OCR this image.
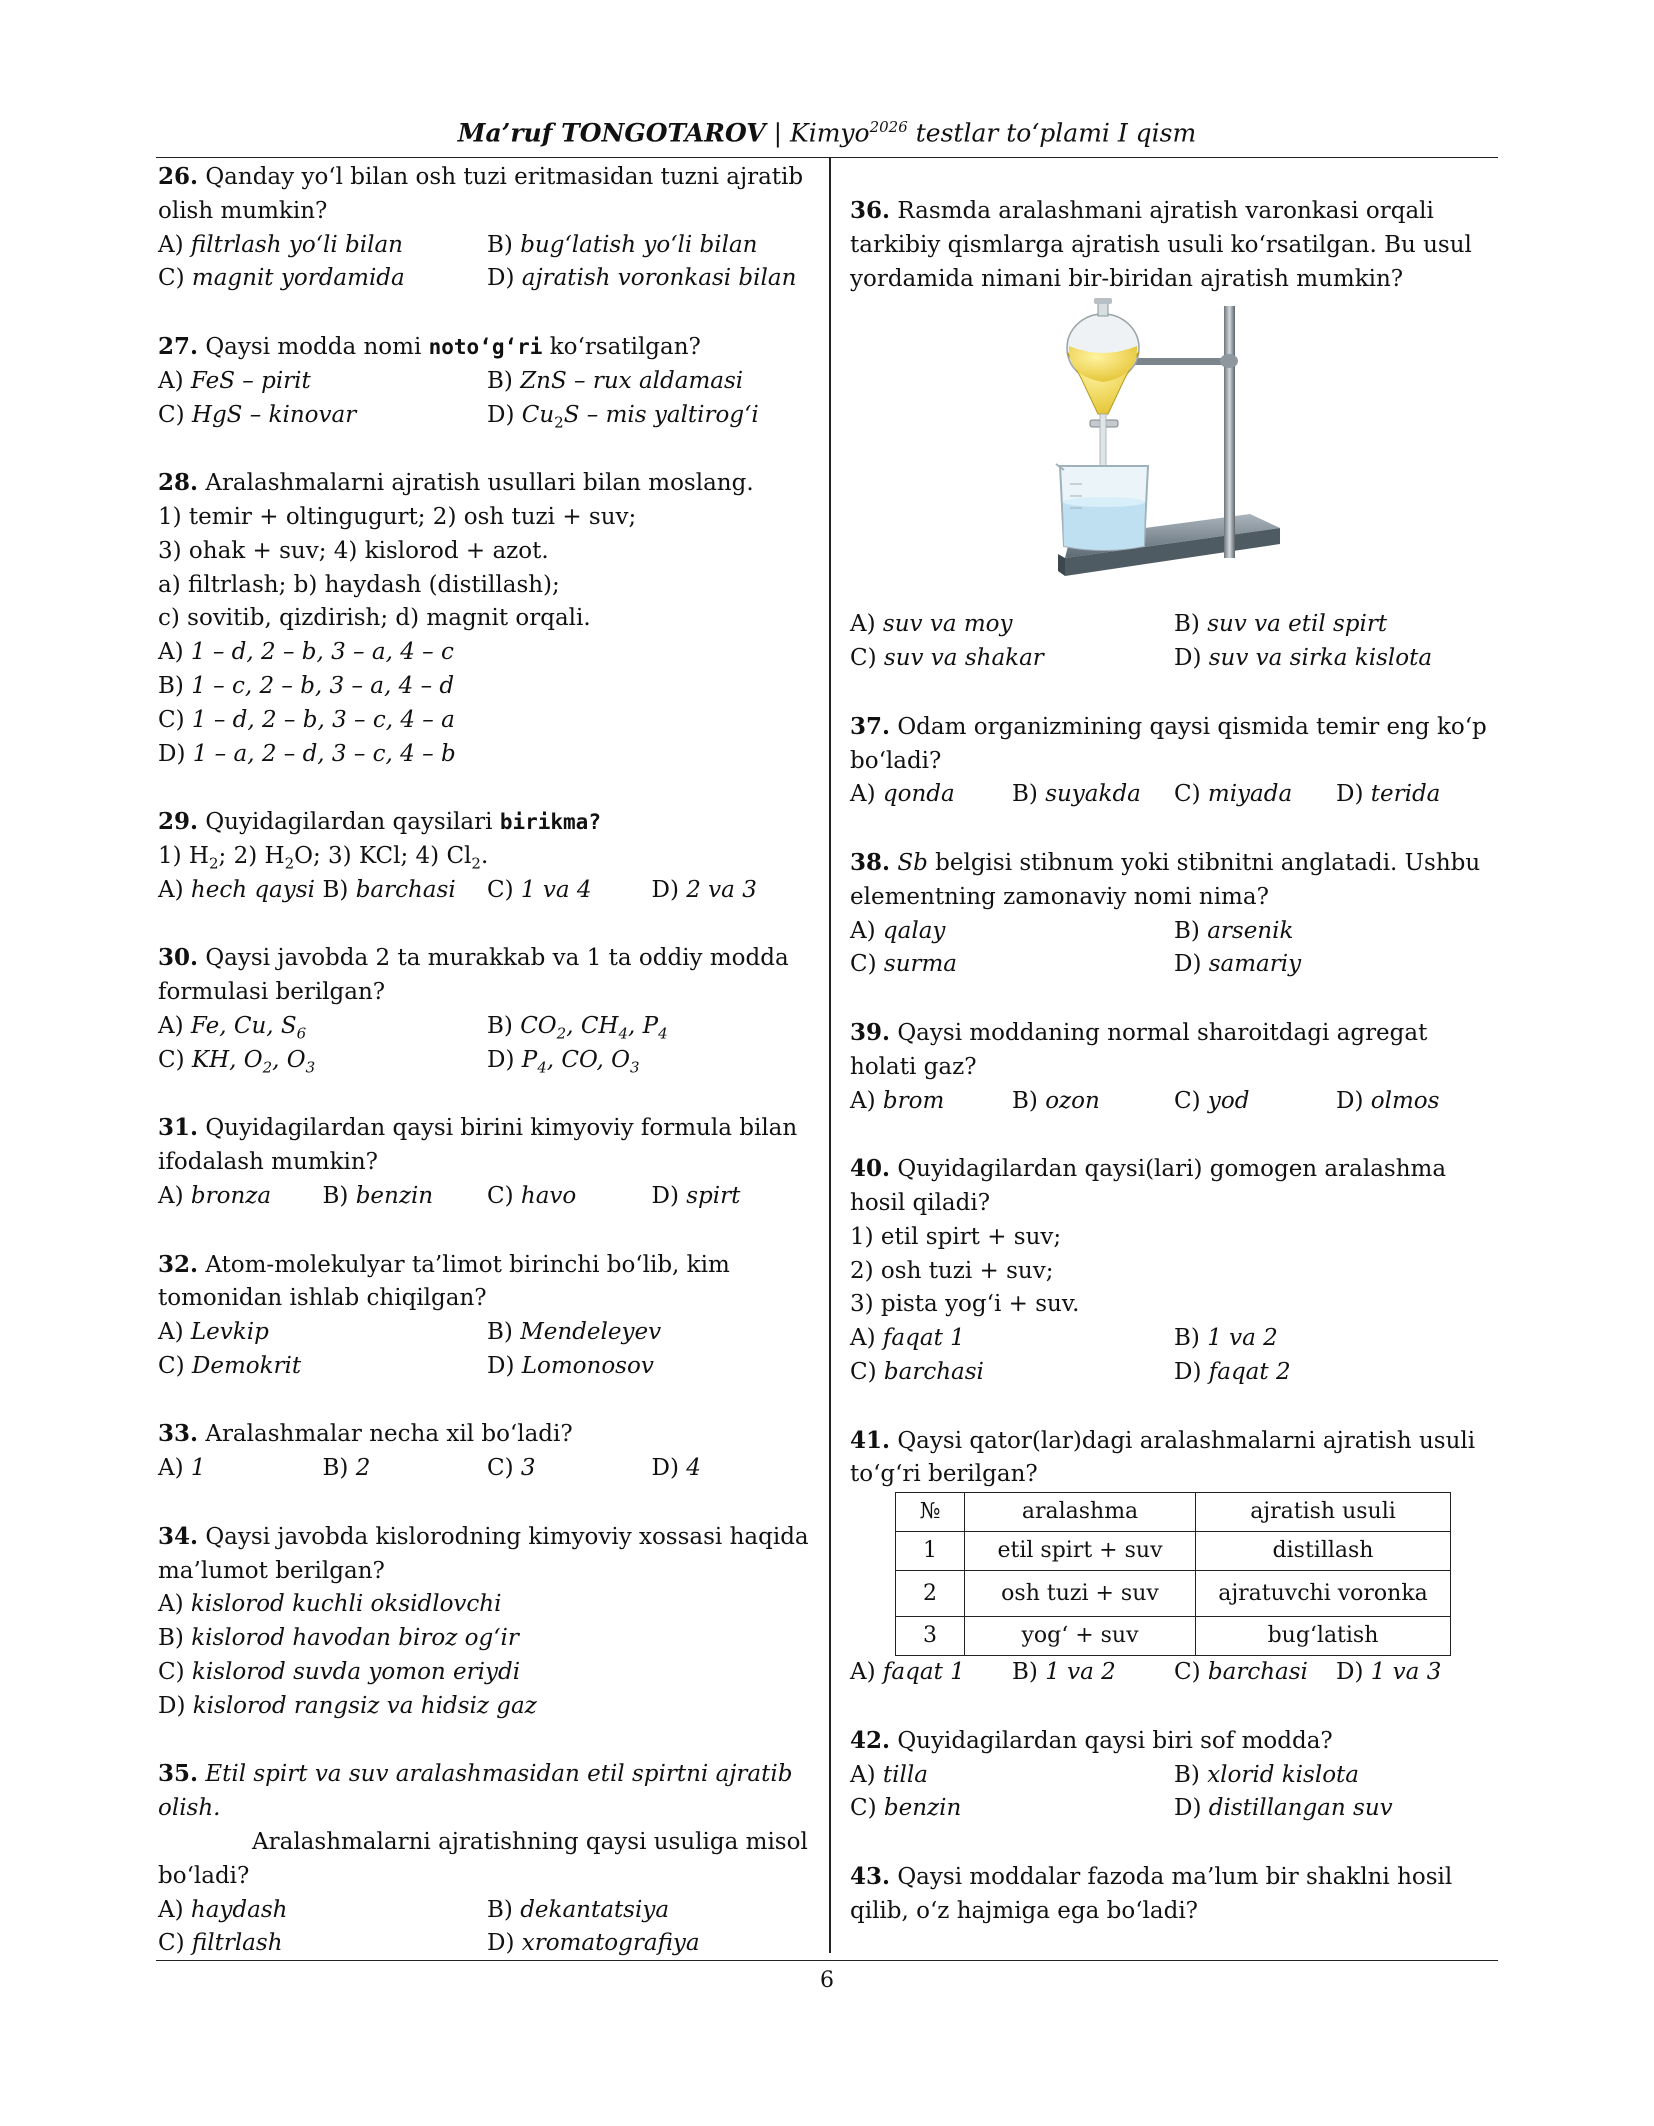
Ma’ruf TONGOTAROV | Kimyo$^{2026}$ testlar to‘plami I qism
26. Qanday yo‘l bilan osh tuzi eritmasidan tuzni ajratib olish mumkin?
A) filtrlash yo‘li bilan	B) bug‘latish yo‘li bilan
C) magnit yordamida	D) ajratish voronkasi bilan
27. Qaysi modda nomi noto‘g‘ri ko‘rsatilgan?
A) FeS – pirit	B) ZnS – rux aldamasi
C) HgS – kinovar	D) $Cu_2S$ – mis yaltirog‘i
28. Aralashmalarni ajratish usullari bilan moslang.
1) temir + oltingugurt; 2) osh tuzi + suv;
3) ohak + suv; 4) kislorod + azot.
a) filtrlash; b) haydash (distillash);
c) sovitib, qizdirish; d) magnit orqali.
A) 1 – d, 2 – b, 3 – a, 4 – c
B) 1 – c, 2 – b, 3 – a, 4 – d
C) 1 – d, 2 – b, 3 – c, 4 – a
D) 1 – a, 2 – d, 3 – c, 4 – b
29. Quyidagilardan qaysilari birikma?
1) $H_2$; 2) $H_2O$; 3) KCl; 4) $Cl_2$.
A) hech qaysi B) barchasi	C) 1 va 4	D) 2 va 3
30. Qaysi javobda 2 ta murakkab va 1 ta oddiy modda formulasi berilgan?
A) Fe, Cu, $S_6$	B) $CO_2$, $CH_4$, $P_4$
C) KH, $O_2$, $O_3$	D) $P_4$, CO, $O_3$
31. Quyidagilardan qaysi birini kimyoviy formula bilan ifodalash mumkin?
A) bronza	B) benzin	C) havo	D) spirt
32. Atom-molekulyar ta’limot birinchi bo‘lib, kim tomonidan ishlab chiqilgan?
A) Levkip	B) Mendeleyev
C) Demokrit	D) Lomonosov
33. Aralashmalar necha xil bo‘ladi?
A) 1	B) 2	C) 3	D) 4
34. Qaysi javobda kislorodning kimyoviy xossasi haqida ma’lumot berilgan?
A) kislorod kuchli oksidlovchi
B) kislorod havodan biroz og‘ir
C) kislorod suvda yomon eriydi
D) kislorod rangsiz va hidsiz gaz
35. Etil spirt va suv aralashmasidan etil spirtni ajratib olish.
Aralashmalarni ajratishning qaysi usuliga misol bo‘ladi?
A) haydash	B) dekantatsiya
C) filtrlash	D) xromatografiya
36. Rasmda aralashmani ajratish varonkasi orqali tarkibiy qismlarga ajratish usuli ko‘rsatilgan. Bu usul yordamida nimani bir-biridan ajratish mumkin?
A) suv va moy	B) suv va etil spirt
C) suv va shakar	D) suv va sirka kislota
37. Odam organizmining qaysi qismida temir eng ko‘p bo‘ladi?
A) qonda	B) suyakda	C) miyada	D) terida
38. Sb belgisi stibnum yoki stibnitni anglatadi. Ushbu elementning zamonaviy nomi nima?
A) qalay	B) arsenik
C) surma	D) samariy
39. Qaysi moddaning normal sharoitdagi agregat holati gaz?
A) brom	B) ozon	C) yod	D) olmos
40. Quyidagilardan qaysi(lari) gomogen aralashma hosil qiladi?
1) etil spirt + suv;
2) osh tuzi + suv;
3) pista yog‘i + suv.
A) faqat 1	B) 1 va 2
C) barchasi	D) faqat 2
41. Qaysi qator(lar)dagi aralashmalarni ajratish usuli to‘g‘ri berilgan?
№	aralashma	ajratish usuli
1	etil spirt + suv	distillash
2	osh tuzi + suv	ajratuvchi voronka
3	yog‘ + suv	bug‘latish
A) faqat 1	B) 1 va 2	C) barchasi	D) 1 va 3
42. Quyidagilardan qaysi biri sof modda?
A) tilla	B) xlorid kislota
C) benzin	D) distillangan suv
43. Qaysi moddalar fazoda ma’lum bir shaklni hosil qilib, o‘z hajmiga ega bo‘ladi?
6
